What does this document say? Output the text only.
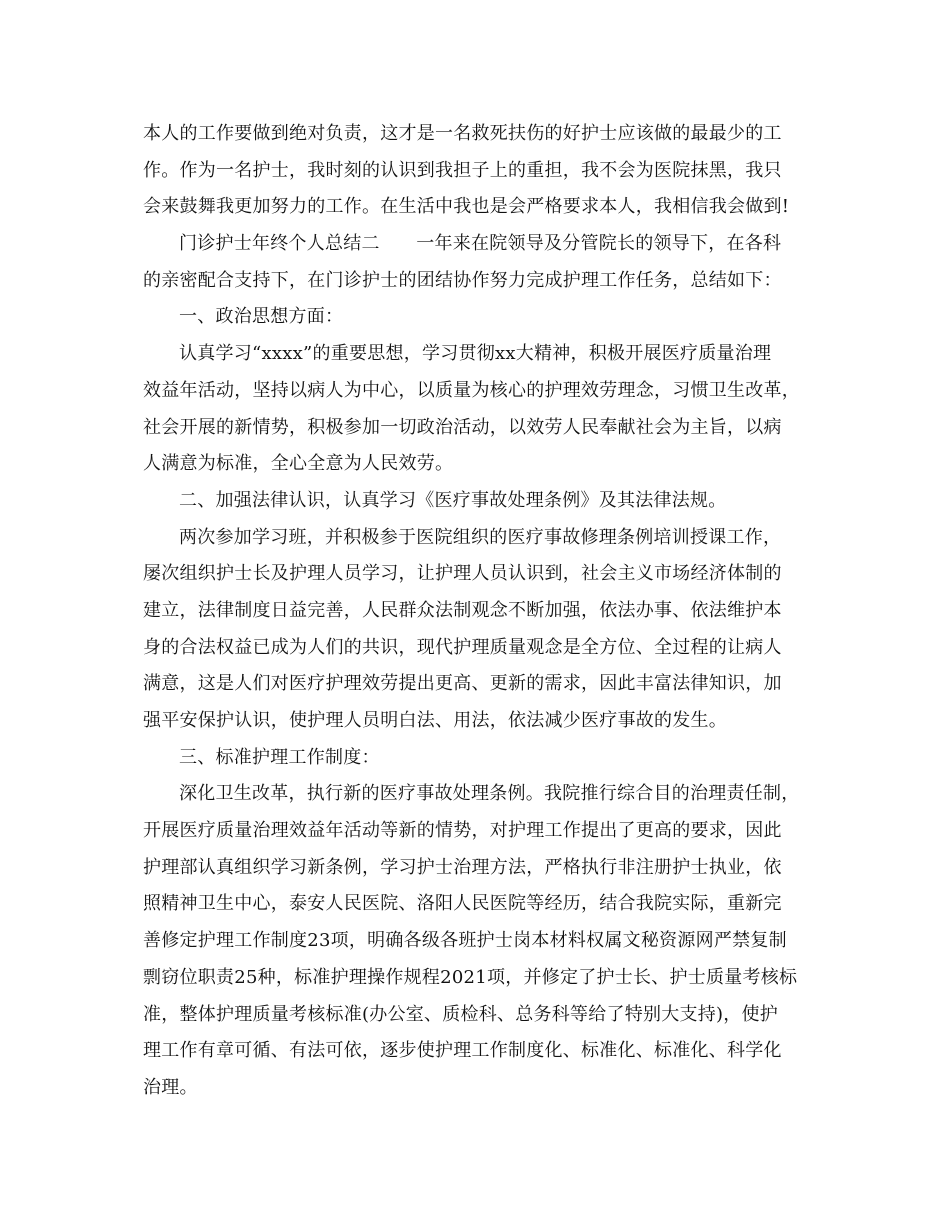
本人的工作要做到绝对负责，这才是一名救死扶伤的好护士应该做的最最少的工
作。作为一名护士，我时刻的认识到我担子上的重担，我不会为医院抹黑，我只
会来鼓舞我更加努力的工作。在生活中我也是会严格要求本人，我相信我会做到!
门诊护士年终个人总结二　　一年来在院领导及分管院长的领导下，在各科
的亲密配合支持下，在门诊护士的团结协作努力完成护理工作任务，总结如下：
一、政治思想方面：
认真学习“xxxx”的重要思想，学习贯彻xx大精神，积极开展医疗质量治理
效益年活动，坚持以病人为中心，以质量为核心的护理效劳理念，习惯卫生改革，
社会开展的新情势，积极参加一切政治活动，以效劳人民奉献社会为主旨，以病
人满意为标准，全心全意为人民效劳。
二、加强法律认识，认真学习《医疗事故处理条例》及其法律法规。
两次参加学习班，并积极参于医院组织的医疗事故修理条例培训授课工作，
屡次组织护士长及护理人员学习，让护理人员认识到，社会主义市场经济体制的
建立，法律制度日益完善，人民群众法制观念不断加强，依法办事、依法维护本
身的合法权益已成为人们的共识，现代护理质量观念是全方位、全过程的让病人
满意，这是人们对医疗护理效劳提出更高、更新的需求，因此丰富法律知识，加
强平安保护认识，使护理人员明白法、用法，依法减少医疗事故的发生。
三、标准护理工作制度：
深化卫生改革，执行新的医疗事故处理条例。我院推行综合目的治理责任制，
开展医疗质量治理效益年活动等新的情势，对护理工作提出了更高的要求，因此
护理部认真组织学习新条例，学习护士治理方法，严格执行非注册护士执业，依
照精神卫生中心，泰安人民医院、洛阳人民医院等经历，结合我院实际，重新完
善修定护理工作制度23项，明确各级各班护士岗本材料权属文秘资源网严禁复制
剽窃位职责25种，标准护理操作规程2021项，并修定了护士长、护士质量考核标
准，整体护理质量考核标准(办公室、质检科、总务科等给了特别大支持)，使护
理工作有章可循、有法可依，逐步使护理工作制度化、标准化、标准化、科学化
治理。
